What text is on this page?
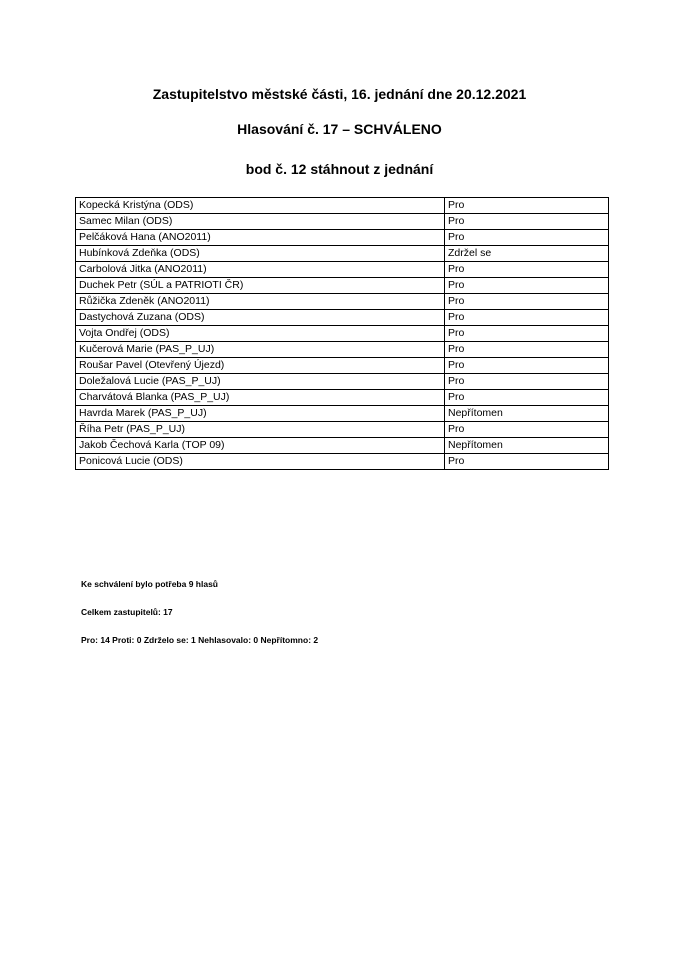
Zastupitelstvo městské části, 16. jednání dne 20.12.2021
Hlasování č. 17 – SCHVÁLENO
bod č. 12 stáhnout z jednání
Kopecká Kristýna (ODS)	Pro
Samec Milan (ODS)	Pro
Pelčáková Hana (ANO2011)	Pro
Hubínková Zdeňka (ODS)	Zdržel se
Carbolová Jitka (ANO2011)	Pro
Duchek Petr (SÚL a PATRIOTI ČR)	Pro
Růžička Zdeněk (ANO2011)	Pro
Dastychová Zuzana (ODS)	Pro
Vojta Ondřej (ODS)	Pro
Kučerová Marie (PAS_P_UJ)	Pro
Roušar Pavel (Otevřený Újezd)	Pro
Doležalová Lucie (PAS_P_UJ)	Pro
Charvátová Blanka (PAS_P_UJ)	Pro
Havrda Marek (PAS_P_UJ)	Nepřítomen
Říha Petr (PAS_P_UJ)	Pro
Jakob Čechová Karla (TOP 09)	Nepřítomen
Ponicová Lucie (ODS)	Pro
Ke schválení bylo potřeba 9 hlasů
Celkem zastupitelů: 17
Pro: 14 Proti: 0 Zdrželo se: 1 Nehlasovalo: 0 Nepřítomno: 2
